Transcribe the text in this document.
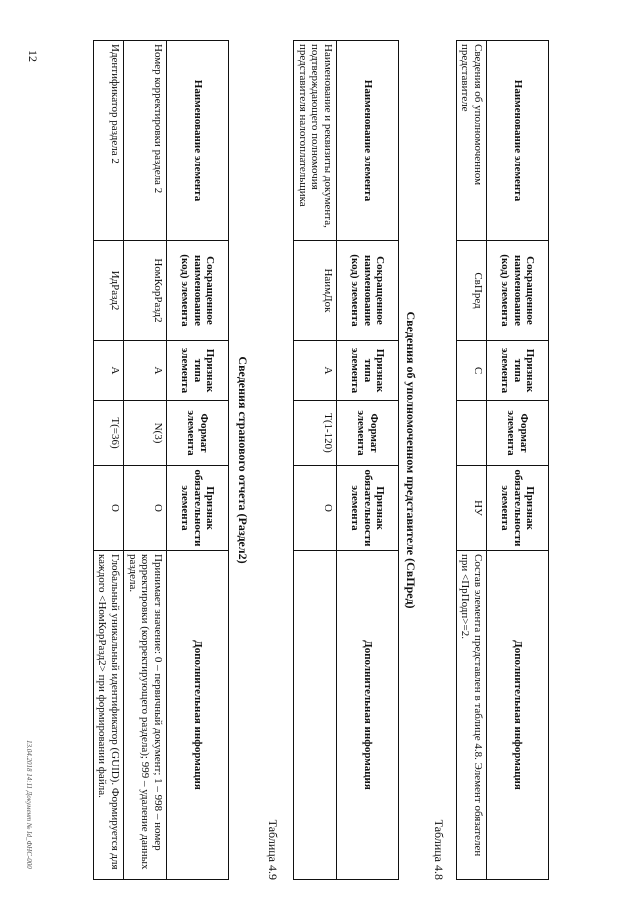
12
Наименование элемента	Сокращенное наименование (код) элемента	Признак типа элемента	Формат элемента	Признак обязательности элемента	Дополнительная информация
Сведения об уполномоченном представителе	СвПред	С		НУ	Состав элемента представлен в таблице 4.8. Элемент обязателен при <ПрПодп>=2.
Таблица 4.8
Сведения об уполномоченном представителе (СвПред)
Наименование элемента	Сокращенное наименование (код) элемента	Признак типа элемента	Формат элемента	Признак обязательности элемента	Дополнительная информация
Наименование и реквизиты документа, подтверждающего полномочия представителя налогоплательщика	НаимДок	А	T(1-120)	О	
Таблица 4.9
Сведения странового отчета (Раздел2)
Наименование элемента	Сокращенное наименование (код) элемента	Признак типа элемента	Формат элемента	Признак обязательности элемента	Дополнительная информация
Номер корректировки раздела 2	НомКорРазд2	А	N(3)	О	Принимает значение: 0 – первичный документ; 1 – 998 – номер корректировки (корректирующего раздела); 999 – удаление данных раздела.
Идентификатор раздела 2	ИдРазд2	А	T(=36)	О	Глобальный уникальный идентификатор (GUID). Формируется для каждого <НомКорРазд2> при формировании файла.
13.04.2018 14:11 Документ № Id_ФНС-000
